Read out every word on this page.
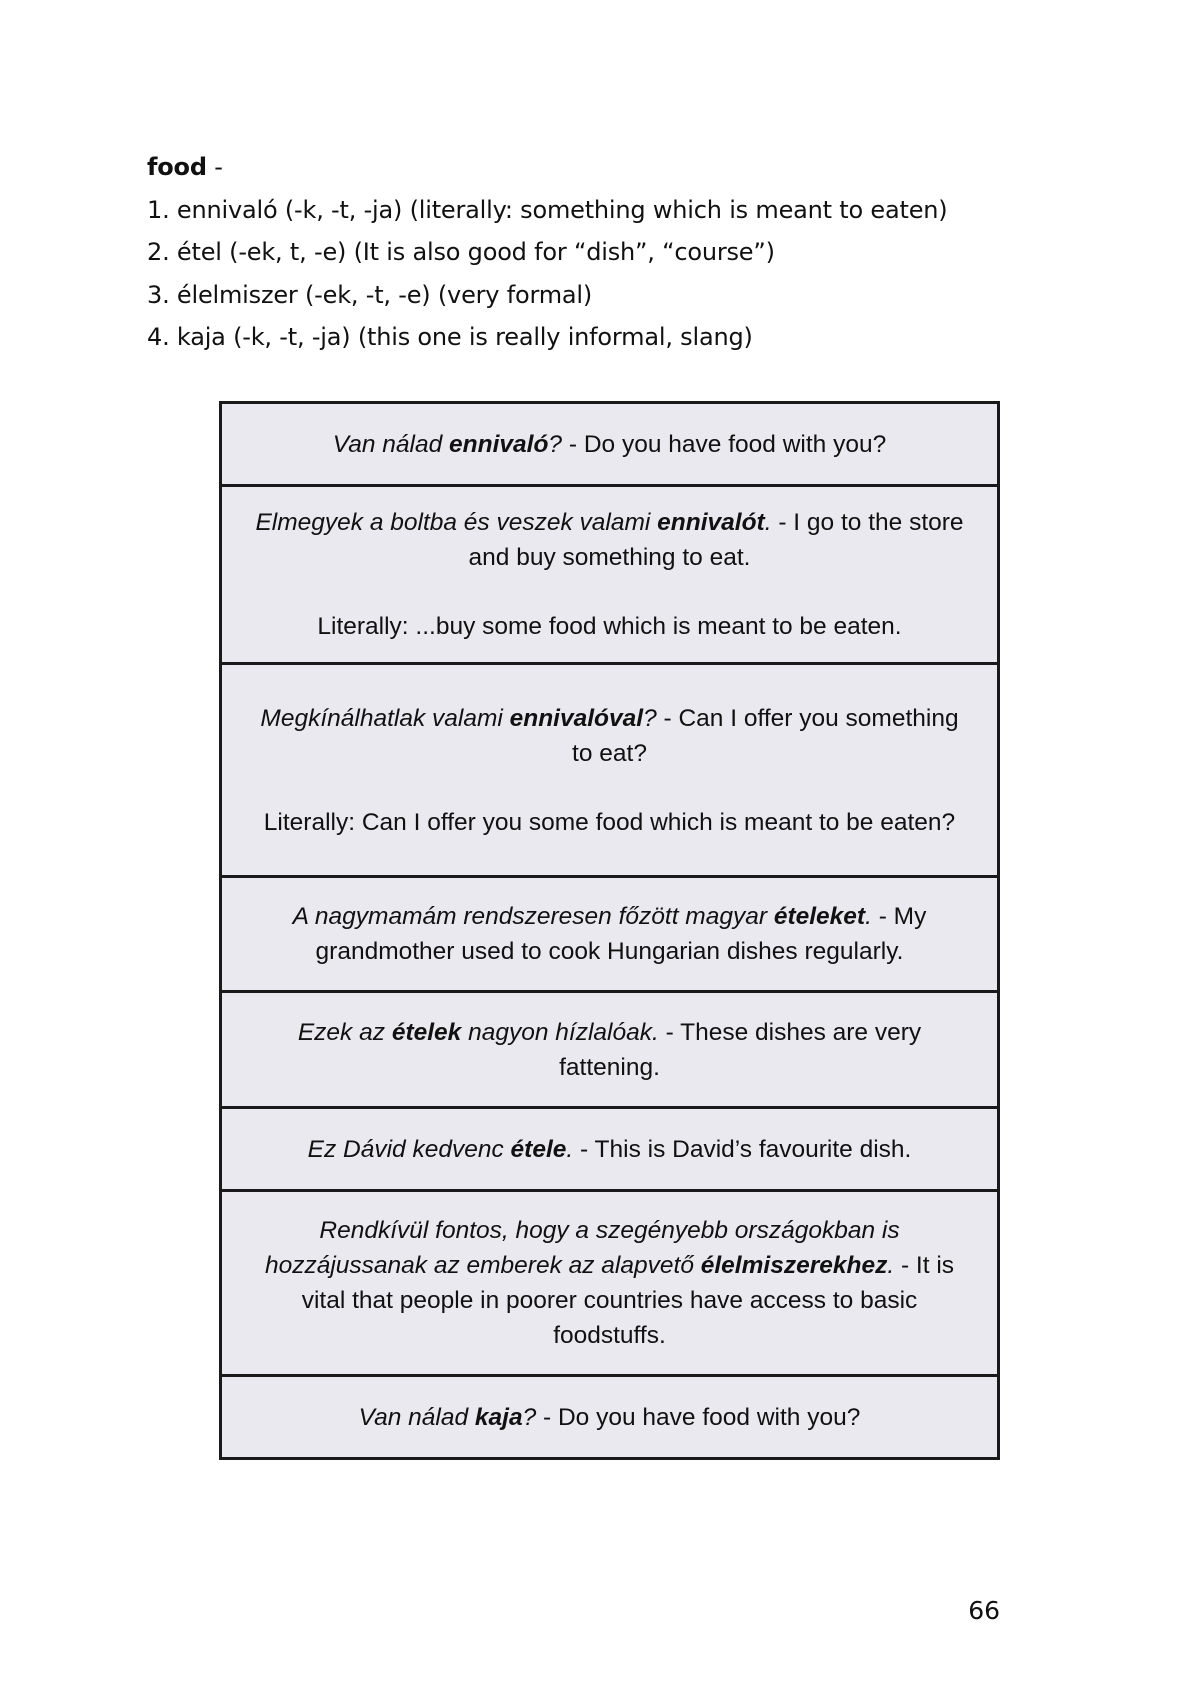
food -
1. ennivaló (-k, -t, -ja) (literally: something which is meant to eaten)
2. étel (-ek, t, -e) (It is also good for “dish”, “course”)
3. élelmiszer (-ek, -t, -e) (very formal)
4. kaja (-k, -t, -ja) (this one is really informal, slang)

Van nálad ennivaló? - Do you have food with you?

Elmegyek a boltba és veszek valami ennivalót. - I go to the store and buy something to eat.

Literally: ...buy some food which is meant to be eaten.

Megkínálhatlak valami ennivalóval? - Can I offer you something to eat?

Literally: Can I offer you some food which is meant to be eaten?

A nagymamám rendszeresen főzött magyar ételeket. - My grandmother used to cook Hungarian dishes regularly.

Ezek az ételek nagyon hízlalóak. - These dishes are very fattening.

Ez Dávid kedvenc étele. - This is David’s favourite dish.

Rendkívül fontos, hogy a szegényebb országokban is hozzájussanak az emberek az alapvető élelmiszerekhez. - It is vital that people in poorer countries have access to basic foodstuffs.

Van nálad kaja? - Do you have food with you?

66
